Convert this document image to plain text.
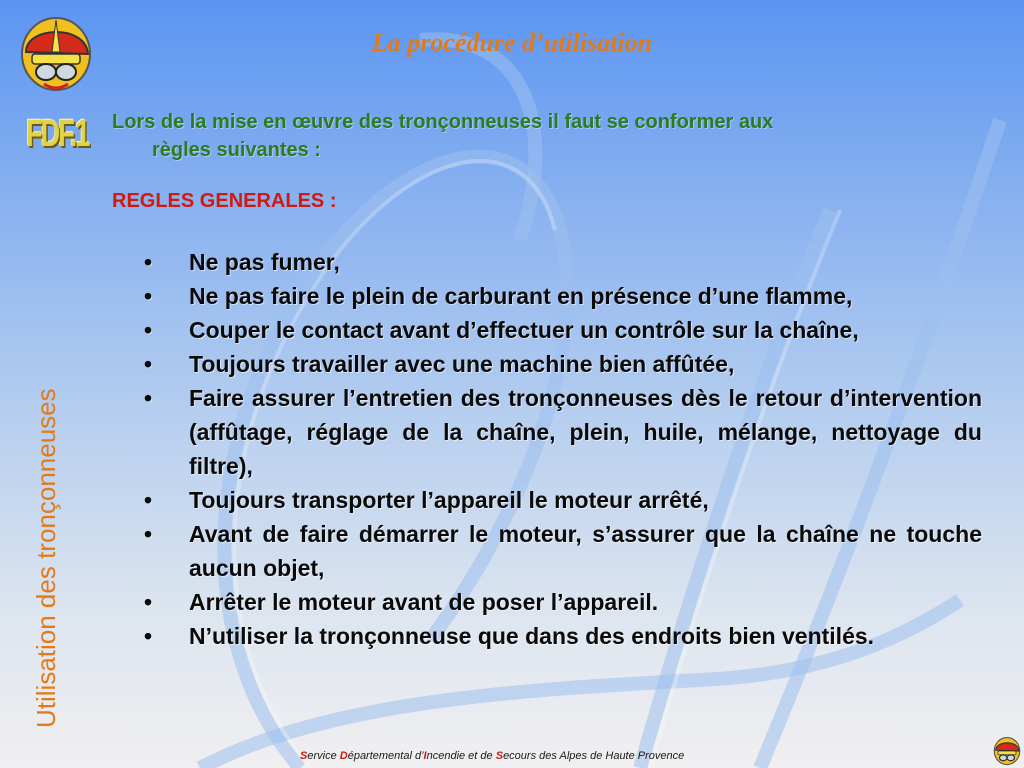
FDF.1
La procédure d’utilisation
Utilisation des tronçonneuses
Lors de la mise en œuvre des tronçonneuses il faut se conformer aux
règles suivantes :
REGLES GENERALES :
• Ne pas fumer,
• Ne pas faire le plein de carburant en présence d’une flamme,
• Couper le contact avant d’effectuer un contrôle sur la chaîne,
• Toujours travailler avec une machine bien affûtée,
• Faire assurer l’entretien des tronçonneuses dès le retour d’intervention (affûtage, réglage de la chaîne, plein, huile, mélange, nettoyage du filtre),
• Toujours transporter l’appareil le moteur arrêté,
• Avant de faire démarrer le moteur, s’assurer que la chaîne ne touche aucun objet,
• Arrêter le moteur avant de poser l’appareil.
• N’utiliser la tronçonneuse que dans des endroits bien ventilés.
Service Départemental d’Incendie et de Secours des Alpes de Haute Provence
